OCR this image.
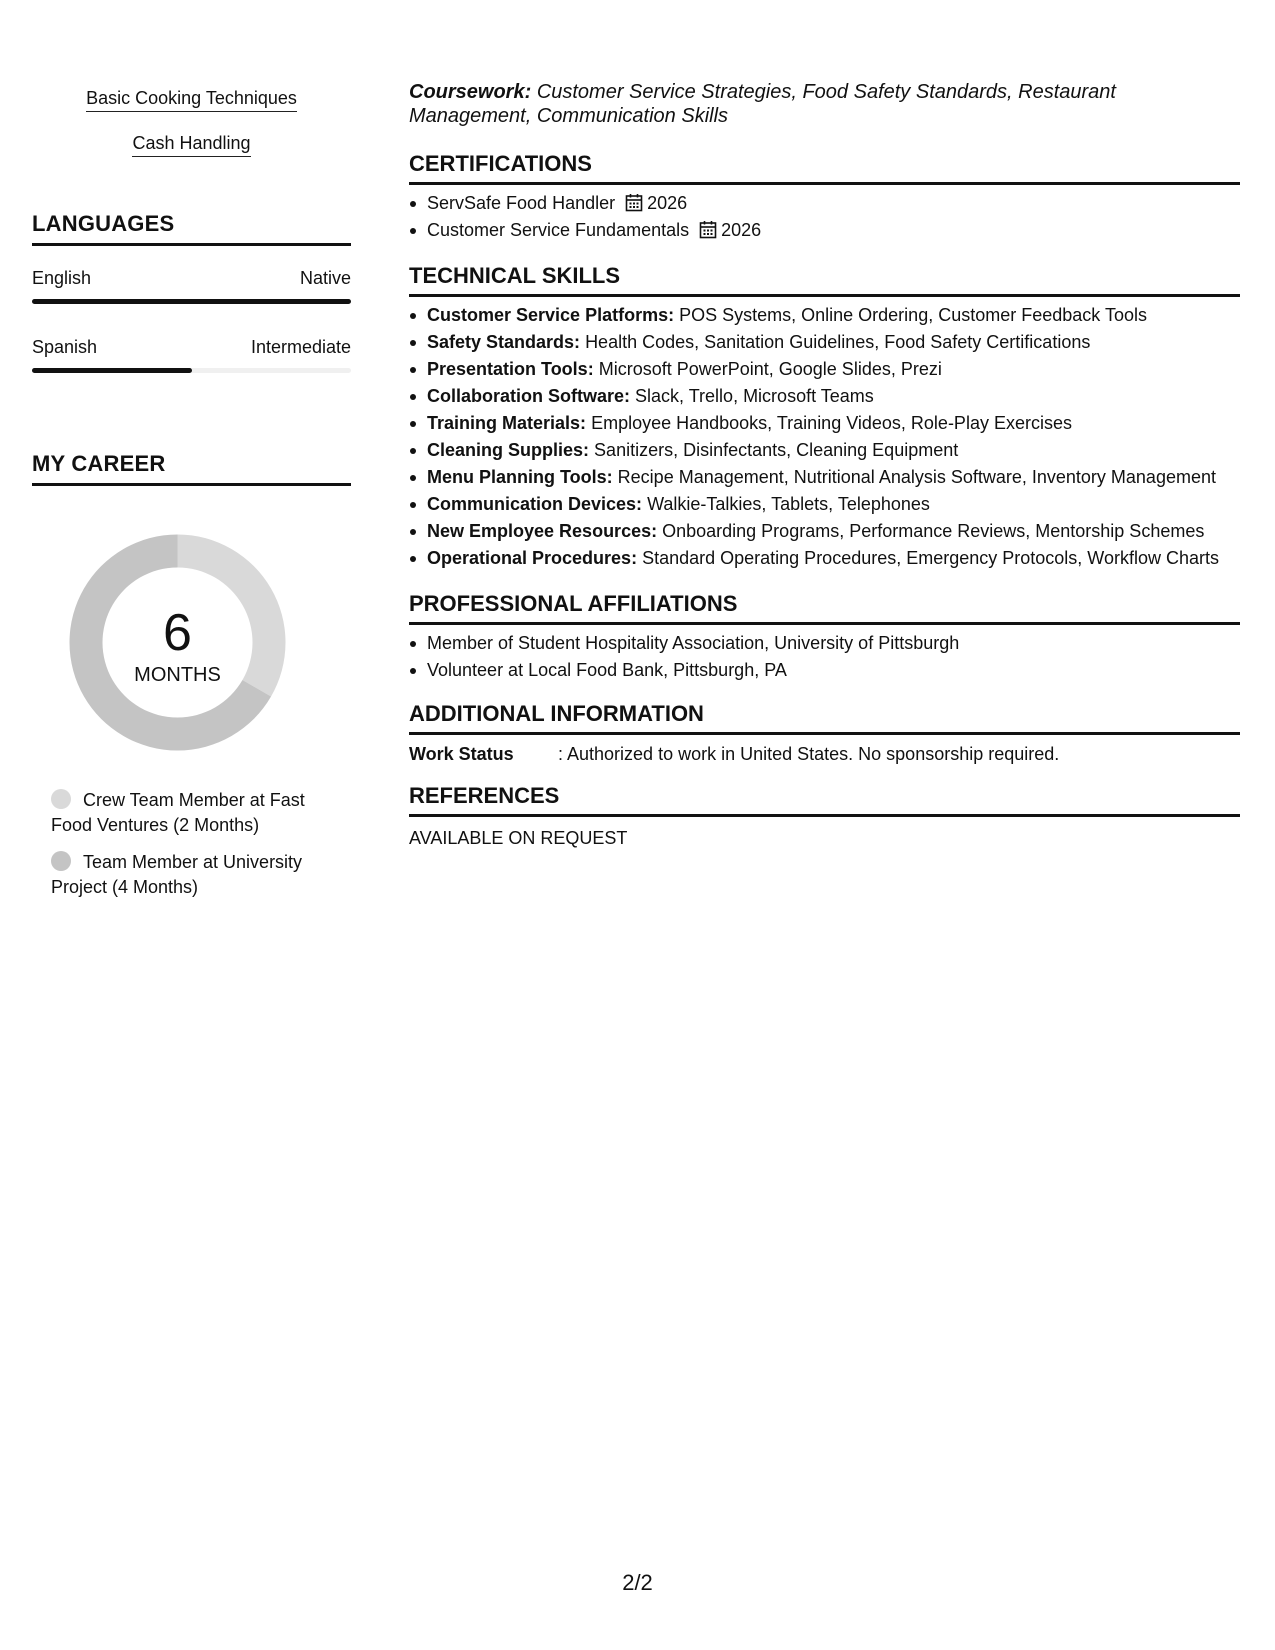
Basic Cooking Techniques
Cash Handling
LANGUAGES
English	Native
Spanish	Intermediate
MY CAREER
6
MONTHS
Crew Team Member at Fast Food Ventures (2 Months)
Team Member at University Project (4 Months)
Coursework: Customer Service Strategies, Food Safety Standards, Restaurant Management, Communication Skills
CERTIFICATIONS
ServSafe Food Handler 2026
Customer Service Fundamentals 2026
TECHNICAL SKILLS
Customer Service Platforms: POS Systems, Online Ordering, Customer Feedback Tools
Safety Standards: Health Codes, Sanitation Guidelines, Food Safety Certifications
Presentation Tools: Microsoft PowerPoint, Google Slides, Prezi
Collaboration Software: Slack, Trello, Microsoft Teams
Training Materials: Employee Handbooks, Training Videos, Role-Play Exercises
Cleaning Supplies: Sanitizers, Disinfectants, Cleaning Equipment
Menu Planning Tools: Recipe Management, Nutritional Analysis Software, Inventory Management
Communication Devices: Walkie-Talkies, Tablets, Telephones
New Employee Resources: Onboarding Programs, Performance Reviews, Mentorship Schemes
Operational Procedures: Standard Operating Procedures, Emergency Protocols, Workflow Charts
PROFESSIONAL AFFILIATIONS
Member of Student Hospitality Association, University of Pittsburgh
Volunteer at Local Food Bank, Pittsburgh, PA
ADDITIONAL INFORMATION
Work Status : Authorized to work in United States. No sponsorship required.
REFERENCES
AVAILABLE ON REQUEST
2/2
